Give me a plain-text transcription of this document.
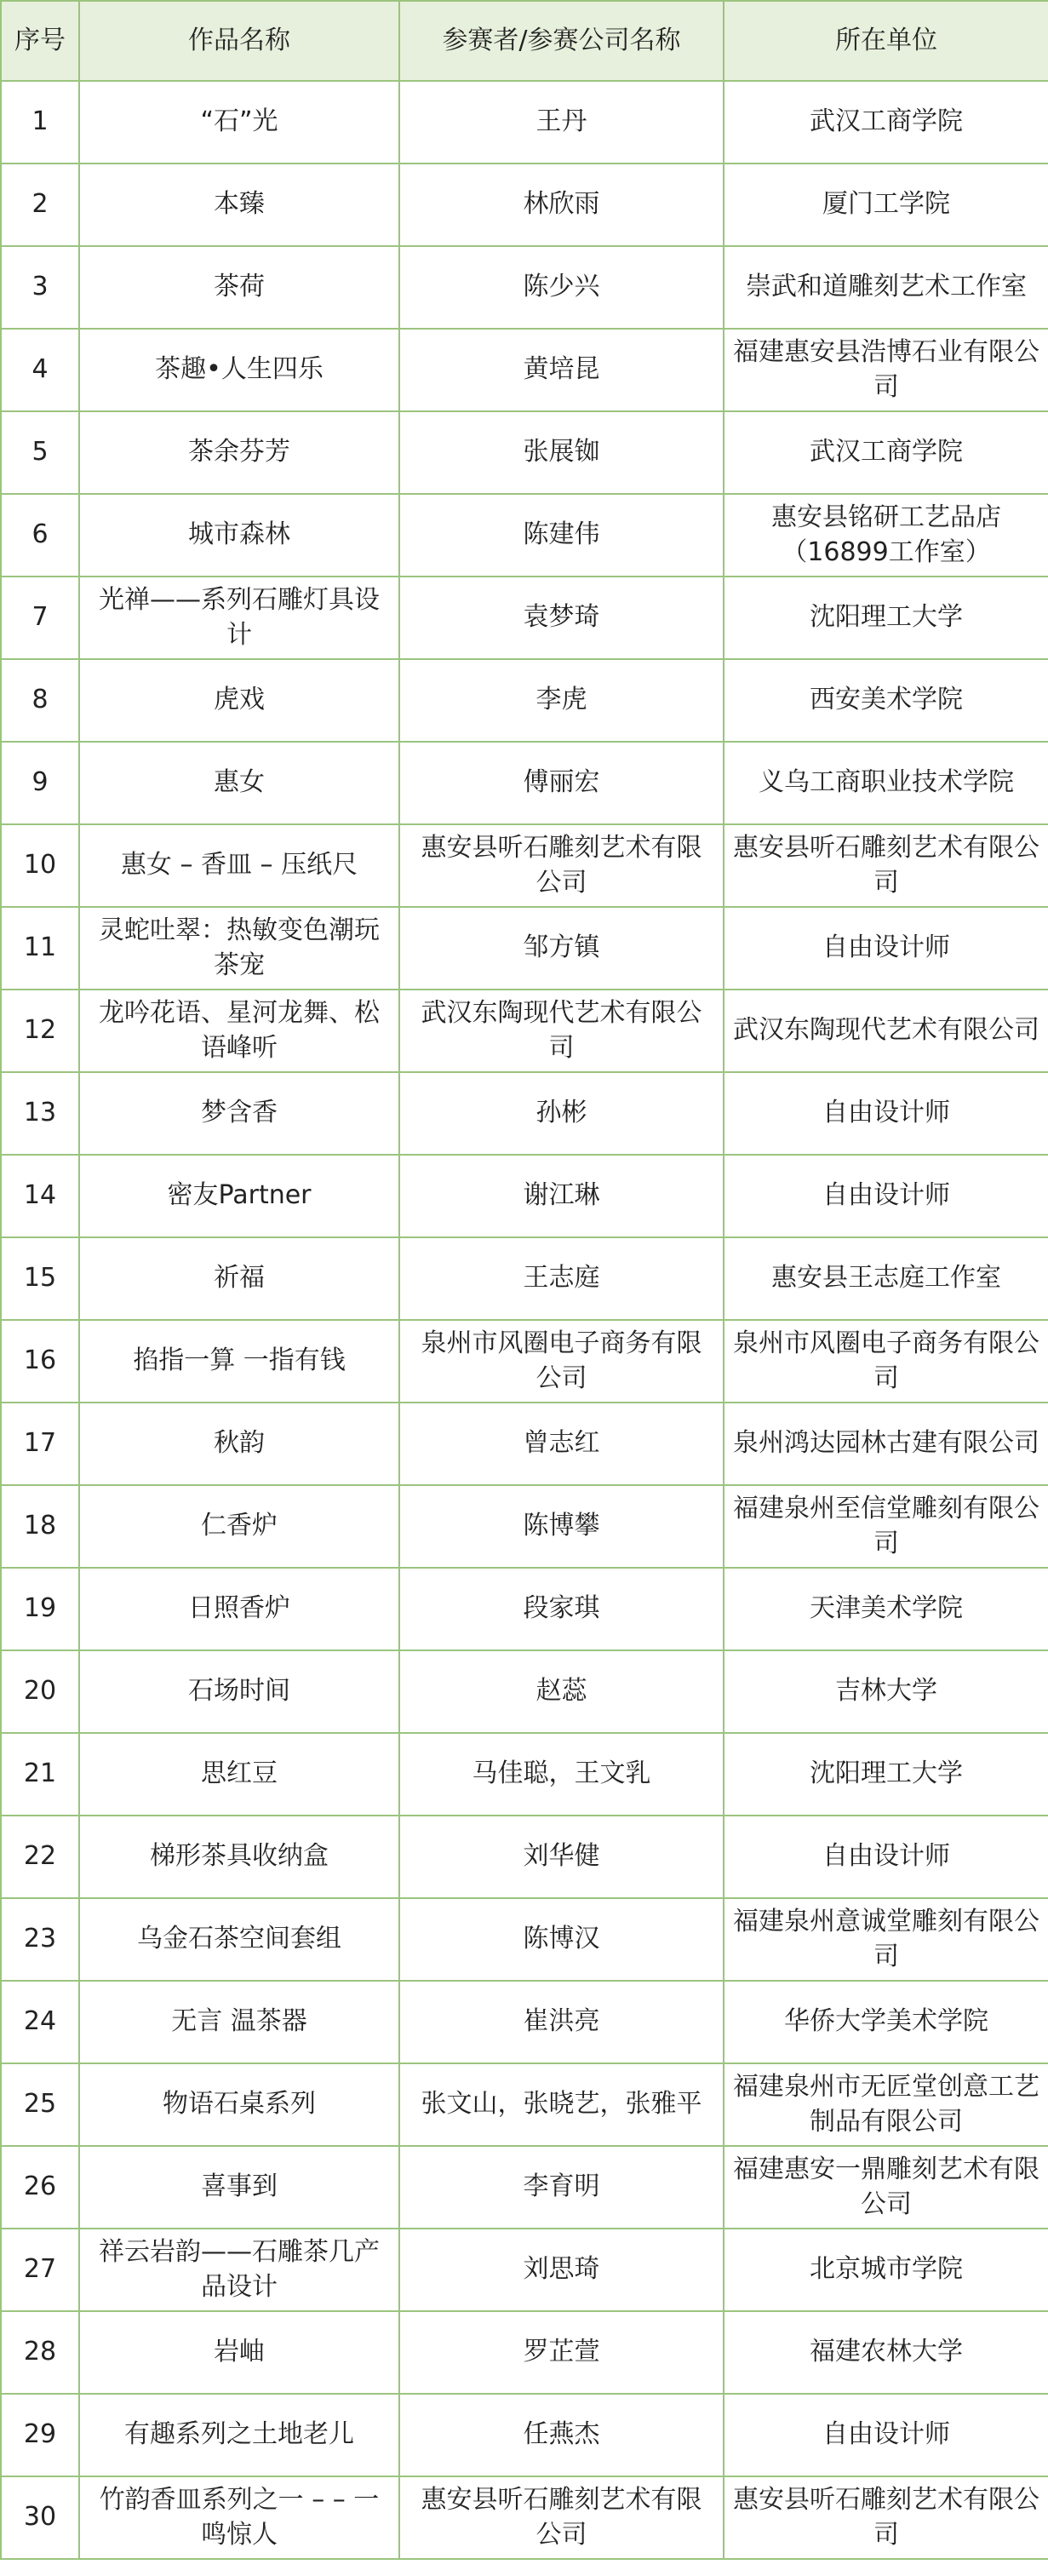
序号	作品名称	参赛者/参赛公司名称	所在单位
1	“石”光	王丹	武汉工商学院
2	本臻	林欣雨	厦门工学院
3	茶荷	陈少兴	崇武和道雕刻艺术工作室
4	茶趣•人生四乐	黄培昆	福建惠安县浩博石业有限公司
5	茶余芬芳	张展铷	武汉工商学院
6	城市森林	陈建伟	惠安县铭研工艺品店（16899工作室）
7	光禅——系列石雕灯具设计	袁梦琦	沈阳理工大学
8	虎戏	李虎	西安美术学院
9	惠女	傅丽宏	义乌工商职业技术学院
10	惠女 – 香皿 – 压纸尺	惠安县听石雕刻艺术有限公司	惠安县听石雕刻艺术有限公司
11	灵蛇吐翠：热敏变色潮玩茶宠	邹方镇	自由设计师
12	龙吟花语、星河龙舞、松语峰听	武汉东陶现代艺术有限公司	武汉东陶现代艺术有限公司
13	梦含香	孙彬	自由设计师
14	密友Partner	谢江琳	自由设计师
15	祈福	王志庭	惠安县王志庭工作室
16	掐指一算 一指有钱	泉州市风圈电子商务有限公司	泉州市风圈电子商务有限公司
17	秋韵	曾志红	泉州鸿达园林古建有限公司
18	仁香炉	陈博攀	福建泉州至信堂雕刻有限公司
19	日照香炉	段家琪	天津美术学院
20	石场时间	赵蕊	吉林大学
21	思红豆	马佳聪，王文乳	沈阳理工大学
22	梯形茶具收纳盒	刘华健	自由设计师
23	乌金石茶空间套组	陈博汉	福建泉州意诚堂雕刻有限公司
24	无言 温茶器	崔洪亮	华侨大学美术学院
25	物语石桌系列	张文山，张晓艺，张雅平	福建泉州市无匠堂创意工艺制品有限公司
26	喜事到	李育明	福建惠安一鼎雕刻艺术有限公司
27	祥云岩韵——石雕茶几产品设计	刘思琦	北京城市学院
28	岩岫	罗芷萱	福建农林大学
29	有趣系列之土地老儿	任燕杰	自由设计师
30	竹韵香皿系列之一 – – 一鸣惊人	惠安县听石雕刻艺术有限公司	惠安县听石雕刻艺术有限公司
